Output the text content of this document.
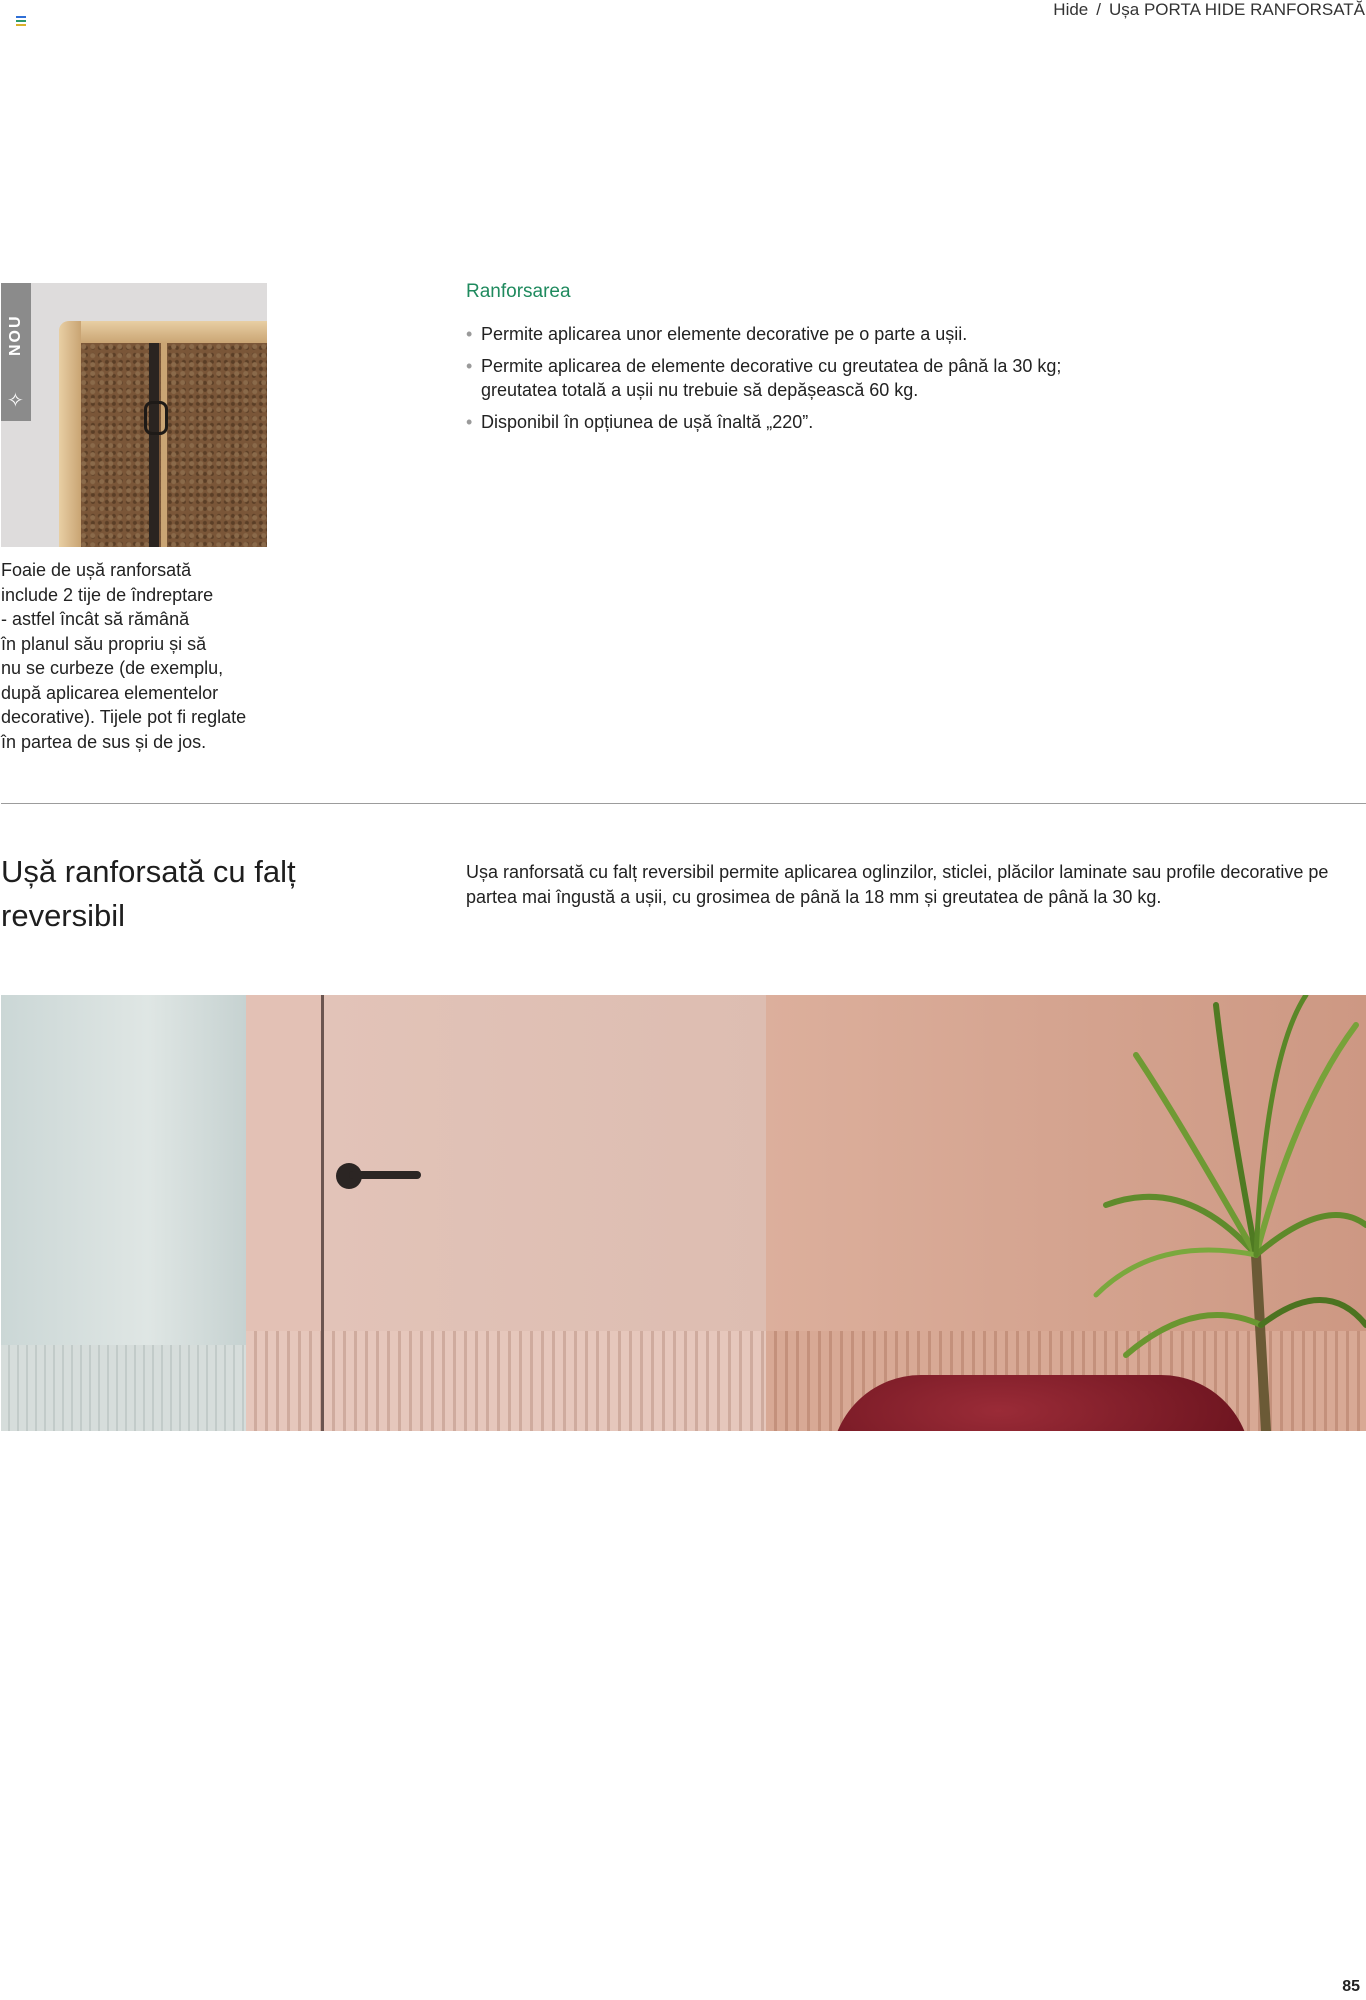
Hide / Ușa PORTA HIDE RANFORSATĂ
NOU
✧

Foaie de ușă ranforsată

include 2 tije de îndreptare

- astfel încât să rămână

în planul său propriu și să

nu se curbeze (de exemplu,

după aplicarea elementelor

decorative). Tijele pot fi reglate

în partea de sus și de jos.

Ranforsarea
• Permite aplicarea unor elemente decorative pe o parte a ușii.
• Permite aplicarea de elemente decorative cu greutatea de până la 30 kg; greutatea totală a ușii nu trebuie să depășească 60 kg.
• Disponibil în opțiunea de ușă înaltă „220”.
Ușă ranforsată cu falț reversibil

Ușa ranforsată cu falț reversibil permite aplicarea oglinzilor, sticlei, plăcilor laminate sau profile decorative pe partea mai îngustă a ușii, cu grosimea de până la 18 mm și greutatea de până la 30 kg.

85
